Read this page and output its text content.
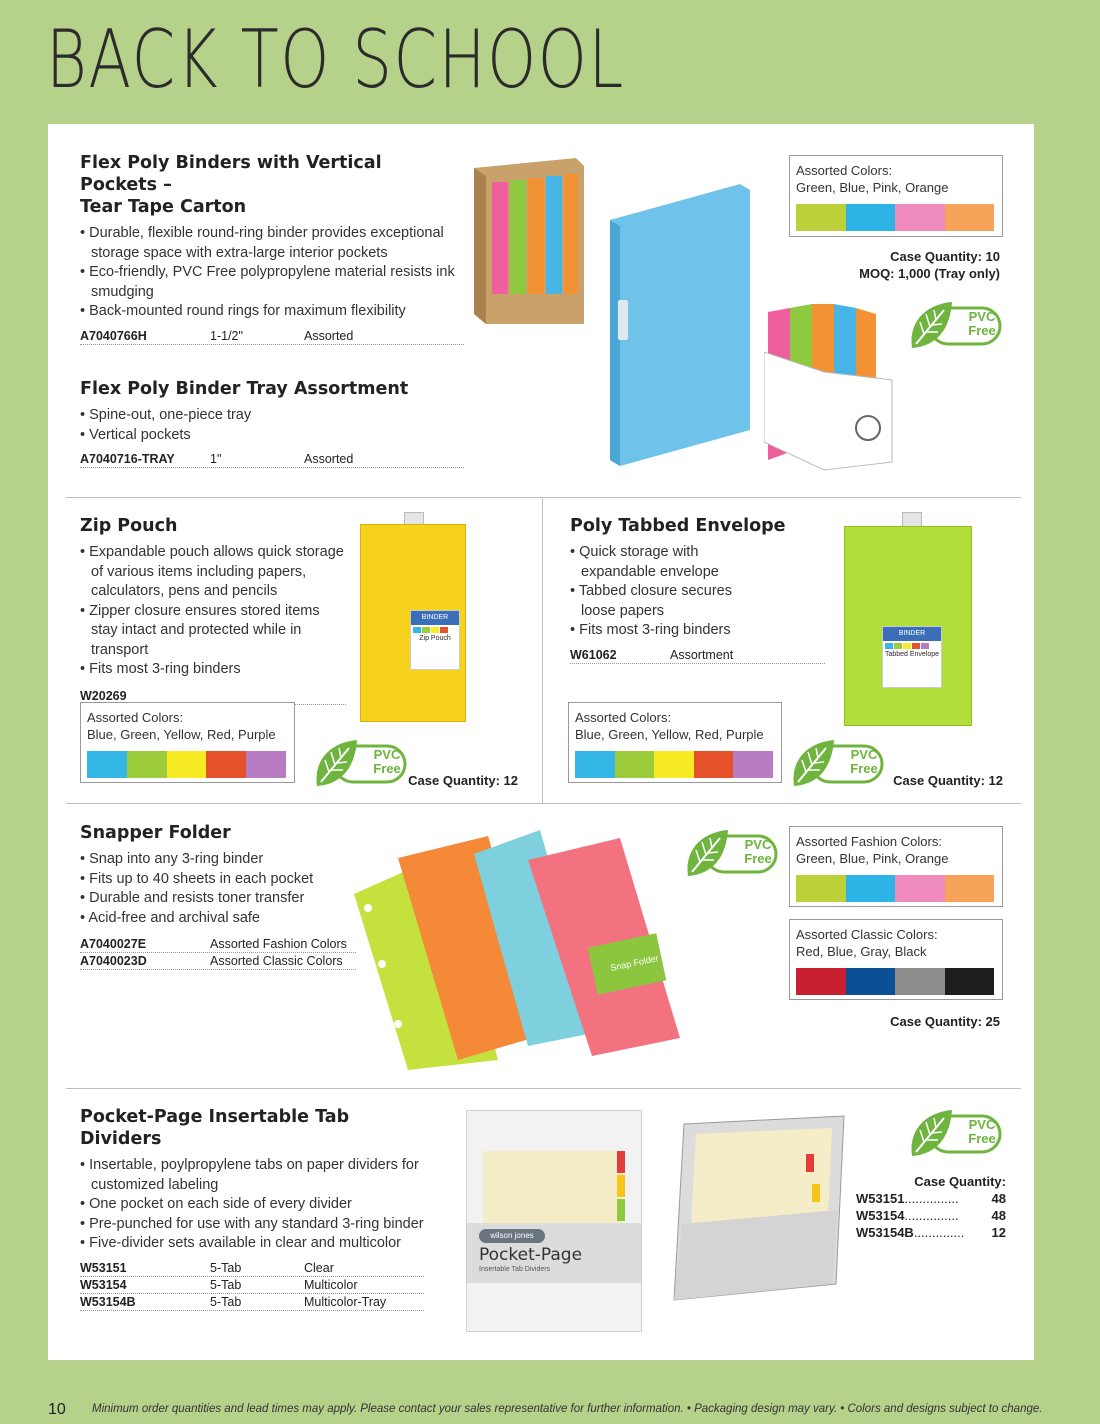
BACK TO SCHOOL
Flex Poly Binders with Vertical Pockets –
Tear Tape Carton
• Durable, flexible round-ring binder provides exceptional storage space with extra-large interior pockets
• Eco-friendly, PVC Free polypropylene material resists ink smudging
• Back-mounted round rings for maximum flexibility
A7040766H	1-1/2"	Assorted
Assorted Colors:
Green, Blue, Pink, Orange
Case Quantity: 10
MOQ: 1,000 (Tray only)
PVC
Free
Flex Poly Binder Tray Assortment
• Spine-out, one-piece tray
• Vertical pockets
A7040716-TRAY	1"	Assorted
Zip Pouch
• Expandable pouch allows quick storage of various items including papers, calculators, pens and pencils
• Zipper closure ensures stored items stay intact and protected while in transport
• Fits most 3-ring binders
W20269
BINDER
Zip Pouch
Assorted Colors:
Blue, Green, Yellow, Red, Purple
PVC
Free
Case Quantity: 12
Poly Tabbed Envelope
• Quick storage with expandable envelope
• Tabbed closure secures loose papers
• Fits most 3-ring binders
W61062	Assortment
BINDER
Tabbed Envelope
Assorted Colors:
Blue, Green, Yellow, Red, Purple
PVC
Free
Case Quantity: 12
Snapper Folder
• Snap into any 3-ring binder
• Fits up to 40 sheets in each pocket
• Durable and resists toner transfer
• Acid-free and archival safe
A7040027E	Assorted Fashion Colors
A7040023D	Assorted Classic Colors	Snap Folder
PVC
Free
Assorted Fashion Colors:
Green, Blue, Pink, Orange
Assorted Classic Colors:
Red, Blue, Gray, Black
Case Quantity: 25
Pocket-Page Insertable Tab Dividers
• Insertable, poylpropylene tabs on paper dividers for customized labeling
• One pocket on each side of every divider
• Pre-punched for use with any standard 3-ring binder
• Five-divider sets available in clear and multicolor
W53151	5-Tab	Clear
W53154	5-Tab	Multicolor
W53154B	5-Tab	Multicolor-Tray
wilson jones
Pocket-Page
Insertable Tab Dividers
PVC
Free
Case Quantity:
W53151 ...............	48
W53154 ...............	48
W53154B ..............	12
10 Minimum order quantities and lead times may apply. Please contact your sales representative for further information. • Packaging design may vary. • Colors and designs subject to change.
